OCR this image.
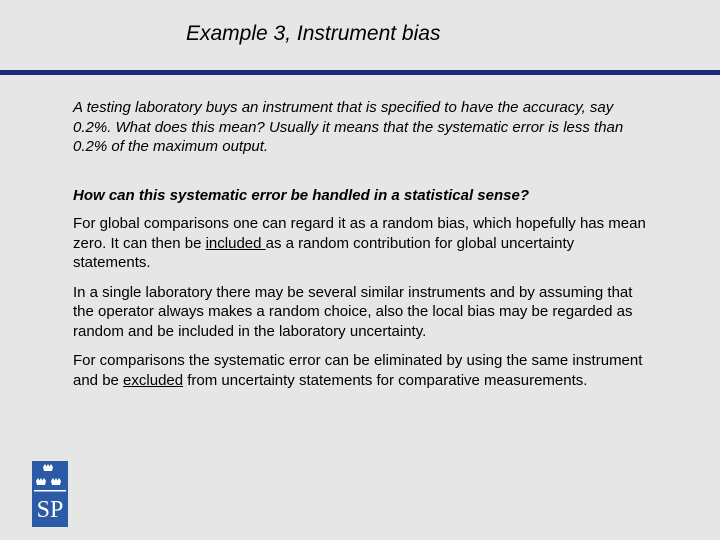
Example 3, Instrument bias

A testing laboratory buys an instrument that is specified to have the accuracy, say 0.2%. What does this mean? Usually it means that the systematic error is less than 0.2% of the maximum output.

How can this systematic error be handled in a statistical sense?

For global comparisons one can regard it as a random bias, which hopefully has mean zero. It can then be included as a random contribution for global uncertainty statements.

In a single laboratory there may be several similar instruments and by assuming that the operator always makes a random choice, also the local bias may be regarded as random and be included in the laboratory uncertainty.

For comparisons the systematic error can be eliminated by using the same instrument and be excluded from uncertainty statements for comparative measurements.

SP
